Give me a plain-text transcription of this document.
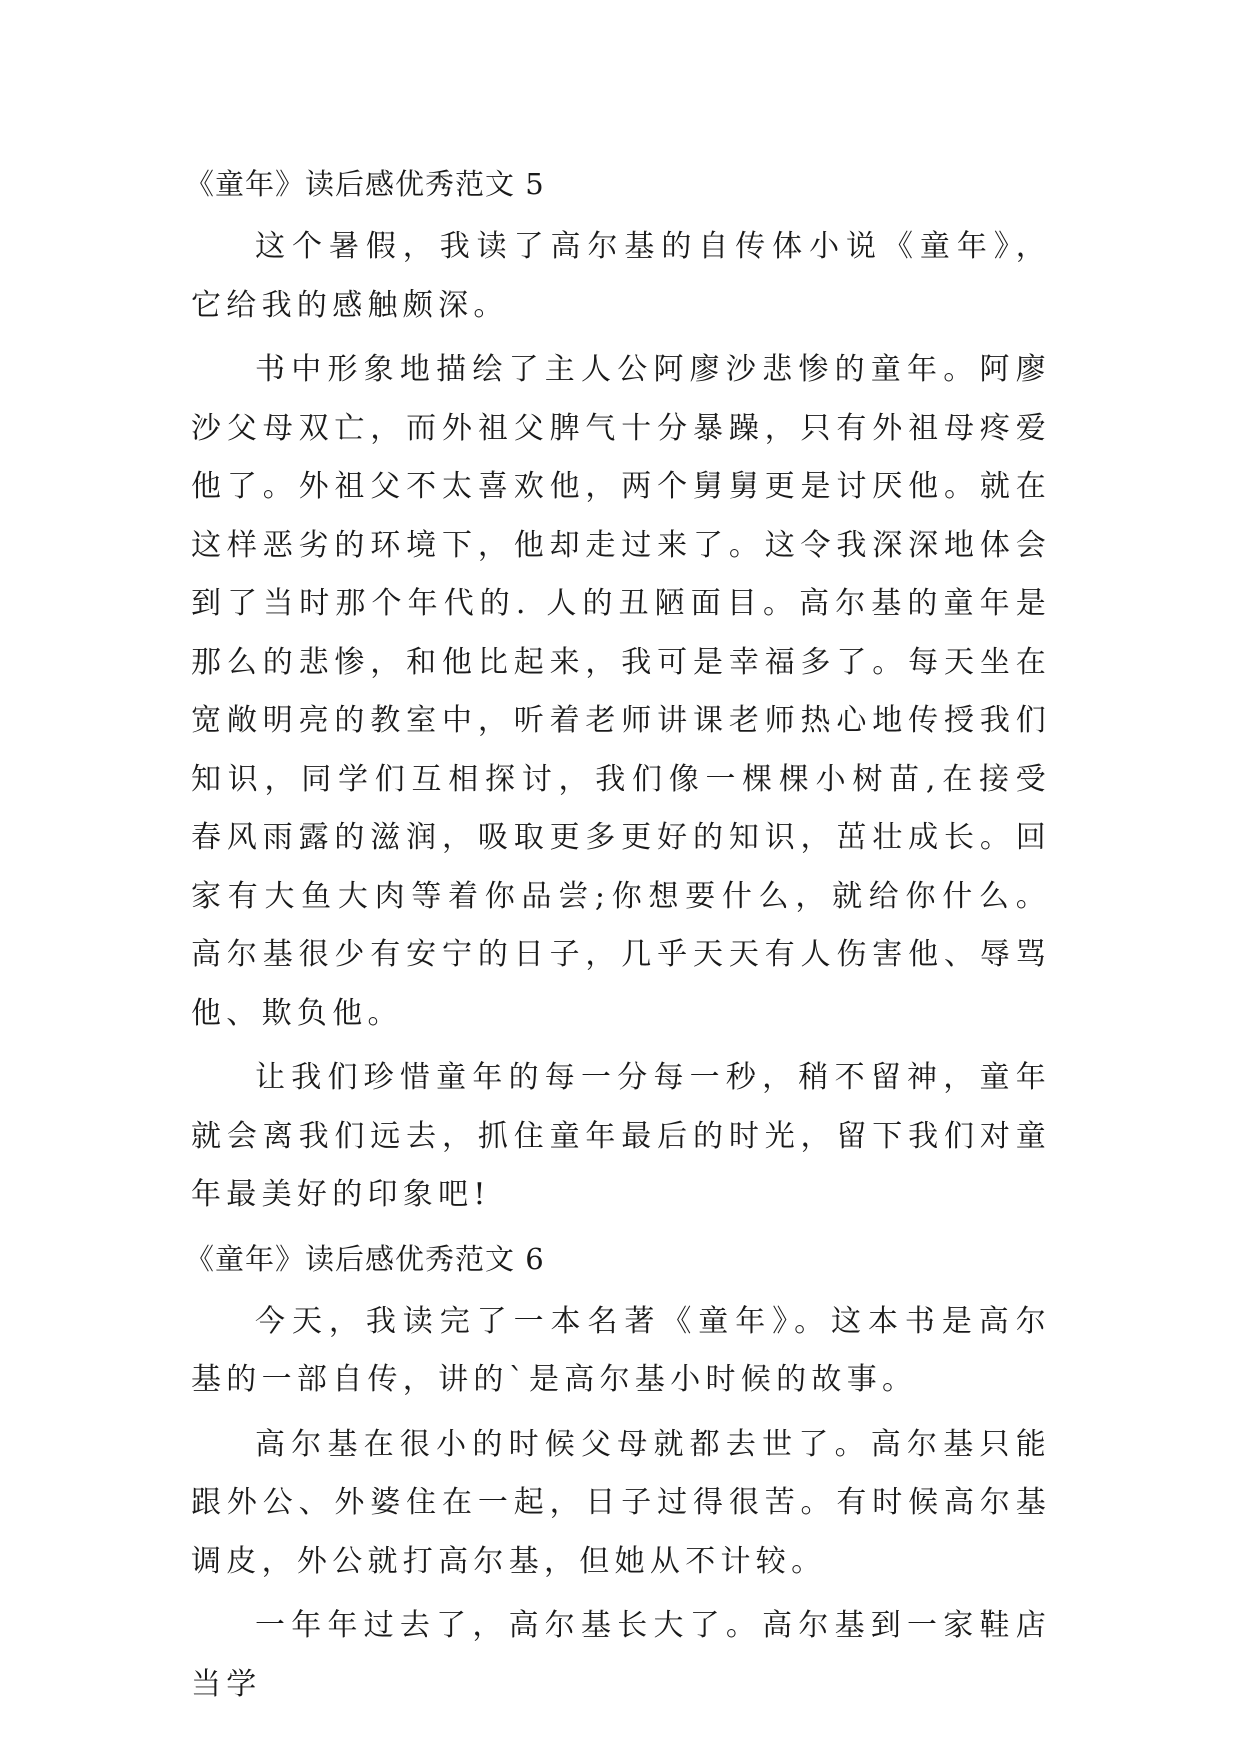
《童年》读后感优秀范文 5

这个暑假，我读了高尔基的自传体小说《童年》，它给我的感触颇深。

书中形象地描绘了主人公阿廖沙悲惨的童年。阿廖沙父母双亡，而外祖父脾气十分暴躁，只有外祖母疼爱他了。外祖父不太喜欢他，两个舅舅更是讨厌他。就在这样恶劣的环境下，他却走过来了。这令我深深地体会到了当时那个年代的. 人的丑陋面目。高尔基的童年是那么的悲惨，和他比起来，我可是幸福多了。每天坐在宽敞明亮的教室中，听着老师讲课老师热心地传授我们知识，同学们互相探讨，我们像一棵棵小树苗,在接受春风雨露的滋润，吸取更多更好的知识，茁壮成长。回家有大鱼大肉等着你品尝;你想要什么，就给你什么。高尔基很少有安宁的日子，几乎天天有人伤害他、辱骂他、欺负他。

让我们珍惜童年的每一分每一秒，稍不留神，童年就会离我们远去，抓住童年最后的时光，留下我们对童年最美好的印象吧!

《童年》读后感优秀范文 6

今天，我读完了一本名著《童年》。这本书是高尔基的一部自传，讲的`是高尔基小时候的故事。

高尔基在很小的时候父母就都去世了。高尔基只能跟外公、外婆住在一起，日子过得很苦。有时候高尔基调皮，外公就打高尔基，但她从不计较。

一年年过去了，高尔基长大了。高尔基到一家鞋店当学
